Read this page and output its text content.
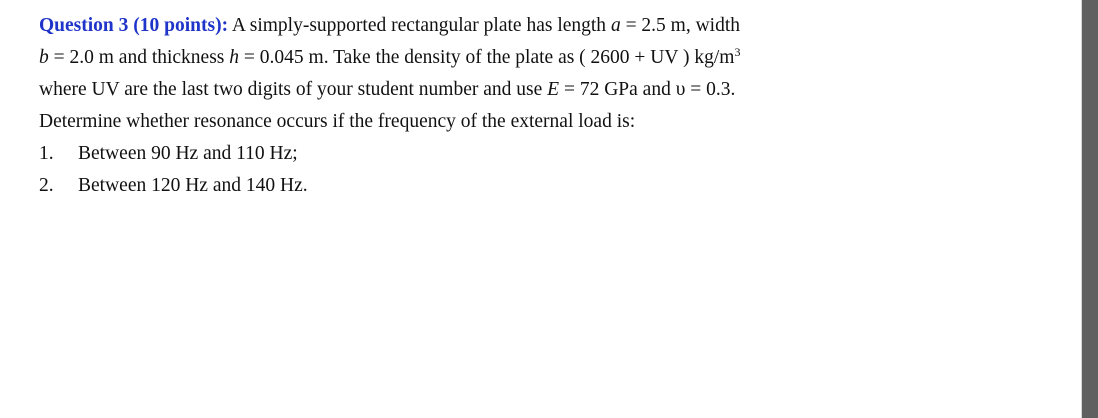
Question 3 (10 points): A simply-supported rectangular plate has length a = 2.5 m, width
b = 2.0 m and thickness h = 0.045 m. Take the density of the plate as ( 2600 + UV ) $kg/m^3$
where UV are the last two digits of your student number and use E = 72 GPa and υ = 0.3.
Determine whether resonance occurs if the frequency of the external load is:
1. Between 90 Hz and 110 Hz;
2. Between 120 Hz and 140 Hz.
